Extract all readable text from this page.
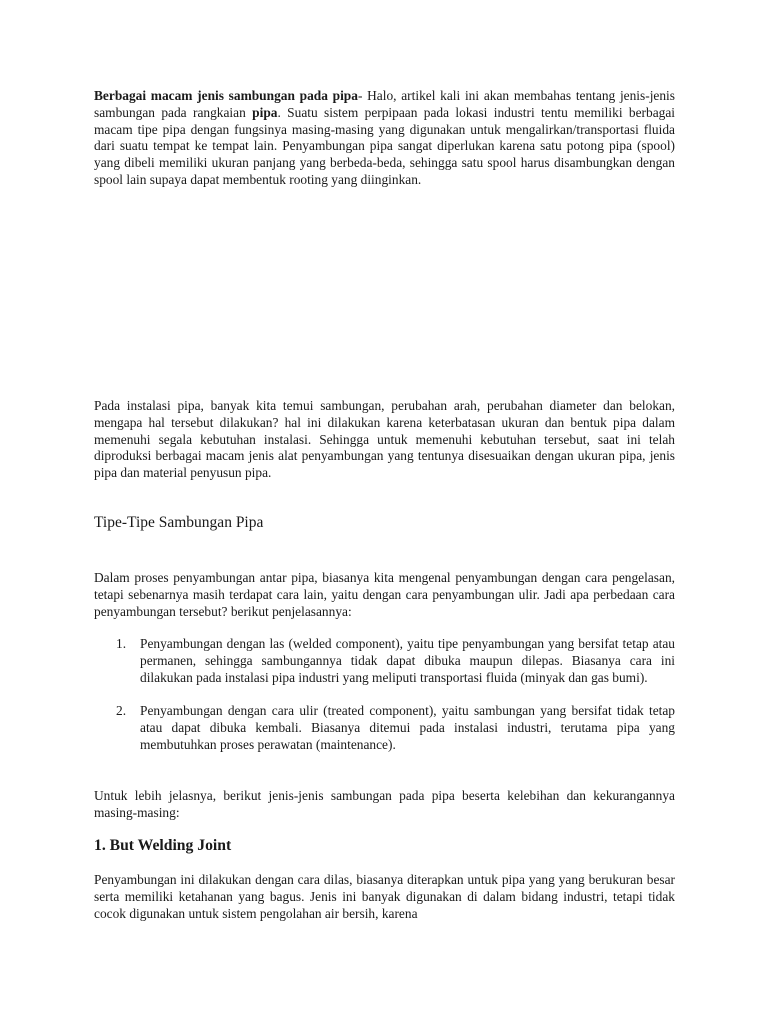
Berbagai macam jenis sambungan pada pipa- Halo, artikel kali ini akan membahas tentang jenis-jenis sambungan pada rangkaian pipa. Suatu sistem perpipaan pada lokasi industri tentu memiliki berbagai macam tipe pipa dengan fungsinya masing-masing yang digunakan untuk mengalirkan/transportasi fluida dari suatu tempat ke tempat lain. Penyambungan pipa sangat diperlukan karena satu potong pipa (spool) yang dibeli memiliki ukuran panjang yang berbeda-beda, sehingga satu spool harus disambungkan dengan spool lain supaya dapat membentuk rooting yang diinginkan.

Pada instalasi pipa, banyak kita temui sambungan, perubahan arah, perubahan diameter dan belokan, mengapa hal tersebut dilakukan? hal ini dilakukan karena keterbatasan ukuran dan bentuk pipa dalam memenuhi segala kebutuhan instalasi. Sehingga untuk memenuhi kebutuhan tersebut, saat ini telah diproduksi berbagai macam jenis alat penyambungan yang tentunya disesuaikan dengan ukuran pipa, jenis pipa dan material penyusun pipa.

Tipe-Tipe Sambungan Pipa

Dalam proses penyambungan antar pipa, biasanya kita mengenal penyambungan dengan cara pengelasan, tetapi sebenarnya masih terdapat cara lain, yaitu dengan cara penyambungan ulir. Jadi apa perbedaan cara penyambungan tersebut? berikut penjelasannya:

1. Penyambungan dengan las (welded component), yaitu tipe penyambungan yang bersifat tetap atau permanen, sehingga sambungannya tidak dapat dibuka maupun dilepas. Biasanya cara ini dilakukan pada instalasi pipa industri yang meliputi transportasi fluida (minyak dan gas bumi).
2. Penyambungan dengan cara ulir (treated component), yaitu sambungan yang bersifat tidak tetap atau dapat dibuka kembali. Biasanya ditemui pada instalasi industri, terutama pipa yang membutuhkan proses perawatan (maintenance).

Untuk lebih jelasnya, berikut jenis-jenis sambungan pada pipa beserta kelebihan dan kekurangannya masing-masing:

1. But Welding Joint

Penyambungan ini dilakukan dengan cara dilas, biasanya diterapkan untuk pipa yang yang berukuran besar serta memiliki ketahanan yang bagus. Jenis ini banyak digunakan di dalam bidang industri, tetapi tidak cocok digunakan untuk sistem pengolahan air bersih, karena
